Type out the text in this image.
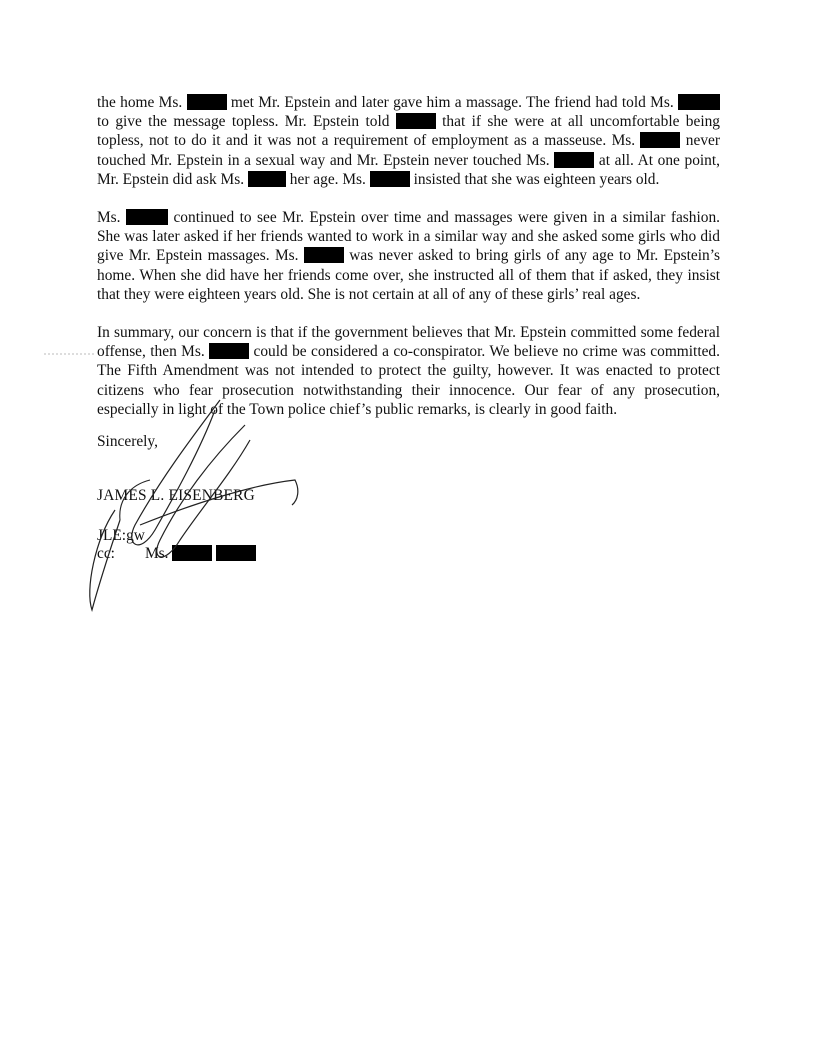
the home Ms.	met Mr. Epstein and later gave him a massage. The friend had told Ms.  to give the message topless. Mr. Epstein told	that if she were at all uncomfortable being topless, not to do it and it was not a requirement of employment as a masseuse. Ms.	never touched Mr. Epstein in a sexual way and Mr. Epstein never touched Ms.	at all. At one point, Mr. Epstein did ask Ms.	her age. Ms.	insisted that she was eighteen years old.

Ms.	continued to see Mr. Epstein over time and massages were given in a similar fashion. She was later asked if her friends wanted to work in a similar way and she asked some girls who did give Mr. Epstein massages. Ms.	was never asked to bring girls of any age to Mr. Epstein’s home. When she did have her friends come over, she instructed all of them that if asked, they insist that they were eighteen years old. She is not certain at all of any of these girls’ real ages.

In summary, our concern is that if the government believes that Mr. Epstein committed some federal offense, then Ms.	could be considered a co-conspirator. We believe no crime was committed. The Fifth Amendment was not intended to protect the guilty, however. It was enacted to protect citizens who fear prosecution notwithstanding their innocence. Our fear of any prosecution, especially in light of the Town police chief’s public remarks, is clearly in good faith.

Sincerely,
JAMES L. EISENBERG
JLE:gw
cc: Ms.
